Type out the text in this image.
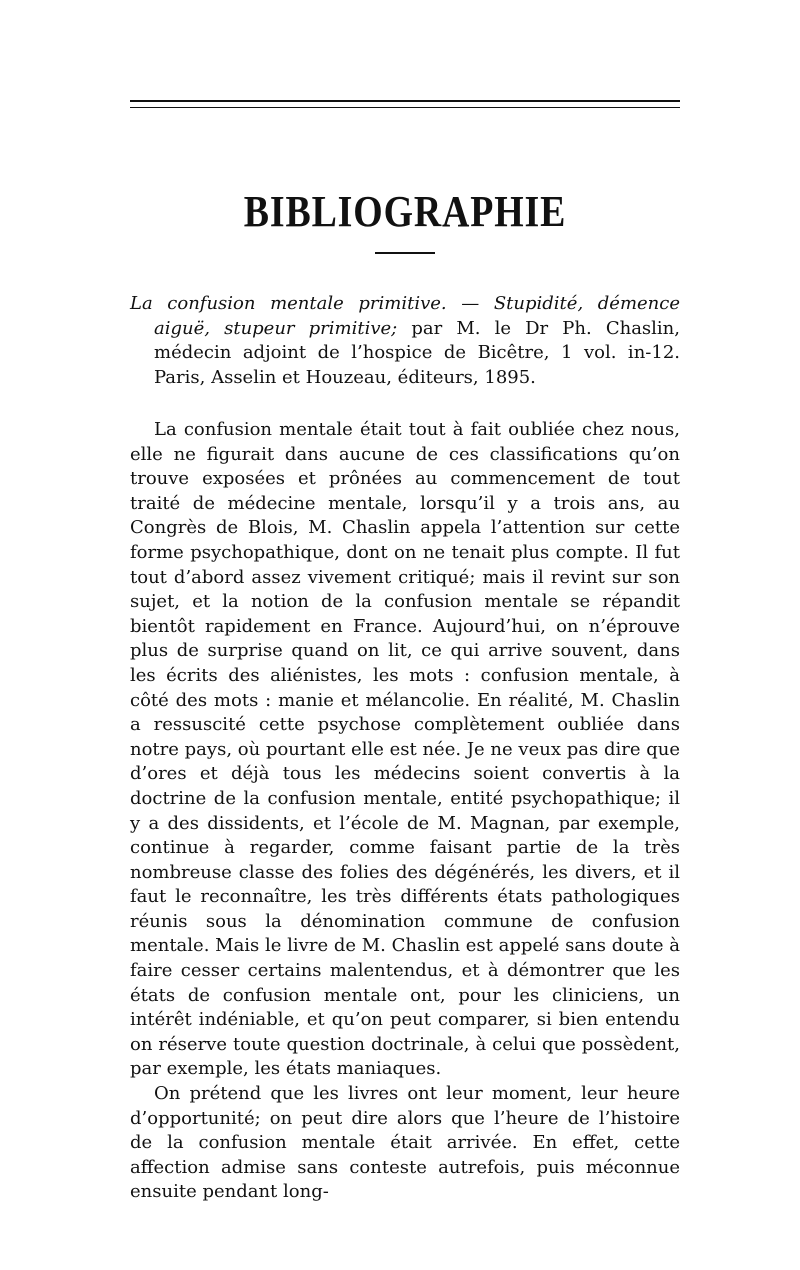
BIBLIOGRAPHIE

La confusion mentale primitive. — Stupidité, démence aiguë, stupeur primitive; par M. le Dr Ph. Chaslin, médecin adjoint de l’hospice de Bicêtre, 1 vol. in-12. Paris, Asselin et Houzeau, éditeurs, 1895.

La confusion mentale était tout à fait oubliée chez nous, elle ne figurait dans aucune de ces classifications qu’on trouve exposées et prônées au commencement de tout traité de médecine mentale, lorsqu’il y a trois ans, au Congrès de Blois, M. Chaslin appela l’attention sur cette forme psychopathique, dont on ne tenait plus compte. Il fut tout d’abord assez vivement critiqué; mais il revint sur son sujet, et la notion de la confusion mentale se répandit bientôt rapidement en France. Aujourd’hui, on n’éprouve plus de surprise quand on lit, ce qui arrive souvent, dans les écrits des aliénistes, les mots : confusion mentale, à côté des mots : manie et mélancolie. En réalité, M. Chaslin a ressuscité cette psychose complètement oubliée dans notre pays, où pourtant elle est née. Je ne veux pas dire que d’ores et déjà tous les médecins soient convertis à la doctrine de la confusion mentale, entité psychopathique; il y a des dissidents, et l’école de M. Magnan, par exemple, continue à regarder, comme faisant partie de la très nombreuse classe des folies des dégénérés, les divers, et il faut le reconnaître, les très différents états pathologiques réunis sous la dénomination commune de confusion mentale. Mais le livre de M. Chaslin est appelé sans doute à faire cesser certains malentendus, et à démontrer que les états de confusion mentale ont, pour les cliniciens, un intérêt indéniable, et qu’on peut comparer, si bien entendu on réserve toute question doctrinale, à celui que possèdent, par exemple, les états maniaques.

On prétend que les livres ont leur moment, leur heure d’opportunité; on peut dire alors que l’heure de l’histoire de la confusion mentale était arrivée. En effet, cette affection admise sans conteste autrefois, puis méconnue ensuite pendant long-
